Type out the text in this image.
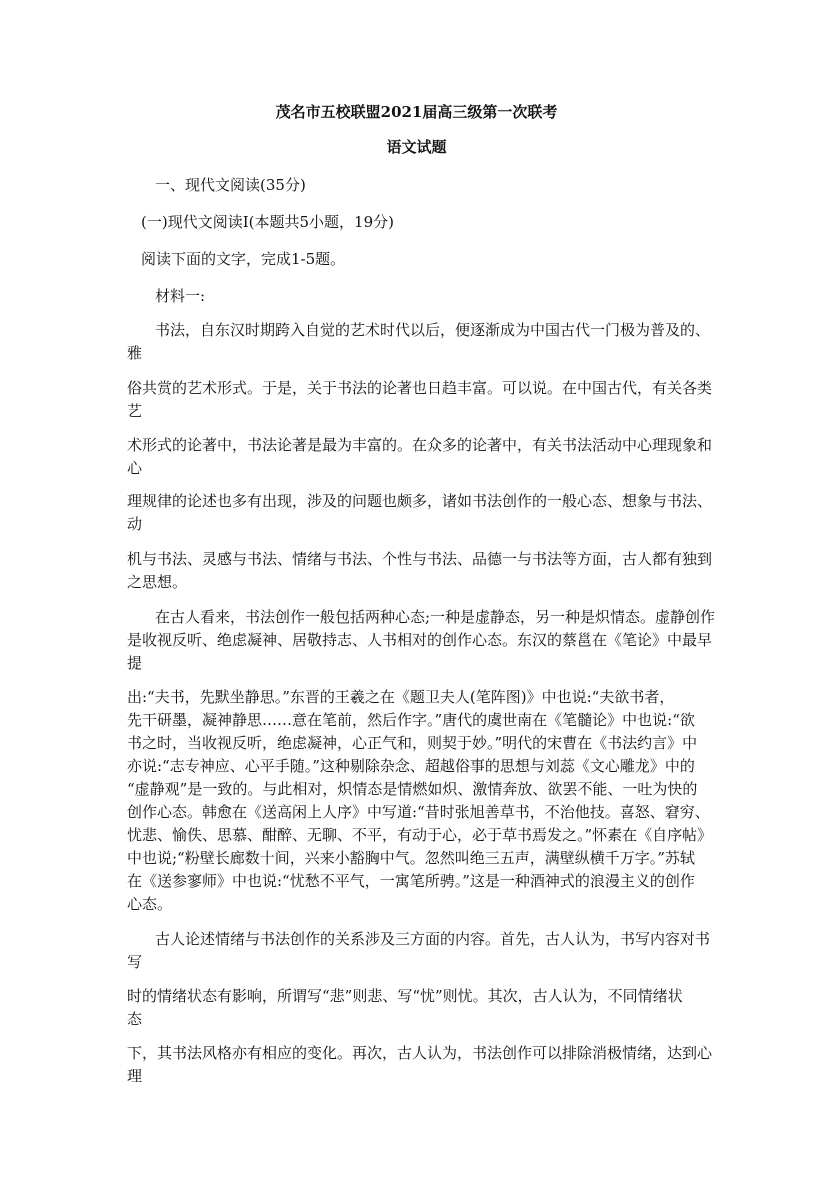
茂名市五校联盟2021届高三级第一次联考
语文试题
一、现代文阅读(35分)
(一)现代文阅读Ⅰ(本题共5小题，19分)
阅读下面的文字，完成1-5题。
材料一:
书法，自东汉时期跨入自觉的艺术时代以后，便逐渐成为中国古代一门极为普及的、
雅
俗共赏的艺术形式。于是，关于书法的论著也日趋丰富。可以说。在中国古代，有关各类
艺
术形式的论著中，书法论著是最为丰富的。在众多的论著中，有关书法活动中心理现象和
心
理规律的论述也多有出现，涉及的问题也颇多，诸如书法创作的一般心态、想象与书法、
动
机与书法、灵感与书法、情绪与书法、个性与书法、品德一与书法等方面，古人都有独到
之思想。
在古人看来，书法创作一般包括两种心态;一种是虚静态，另一种是炽情态。虚静创作
是收视反听、绝虑凝神、居敬持志、人书相对的创作心态。东汉的蔡邕在《笔论》中最早
提
出:“夫书，先默坐静思。”东晋的王羲之在《题卫夫人(笔阵图)》中也说:“夫欲书者，
先干研墨，凝神静思……意在笔前，然后作字。”唐代的虞世南在《笔髓论》中也说:“欲
书之时，当收视反听，绝虑凝神，心正气和，则契于妙。”明代的宋曹在《书法约言》中
亦说:“志专神应、心平手随。”这种剔除杂念、超越俗事的思想与刘蕊《文心雕龙》中的
“虚静观”是一致的。与此相对，炽情态是情燃如炽、激情奔放、欲罢不能、一吐为快的
创作心态。韩愈在《送高闲上人序》中写道:“昔时张旭善草书，不治他技。喜怒、窘穷、
忧悲、愉佚、思慕、酣醉、无聊、不平，有动于心，必于草书焉发之。”怀素在《自序帖》
中也说;“粉壁长廊数十间，兴来小豁胸中气。忽然叫绝三五声，满壁纵横千万字。”苏轼
在《送参寥师》中也说:“忧愁不平气，一寓笔所骋。”这是一种酒神式的浪漫主义的创作
心态。
古人论述情绪与书法创作的关系涉及三方面的内容。首先，古人认为，书写内容对书
写
时的情绪状态有影响，所谓写“悲”则悲、写“忧”则忧。其次，古人认为，不同情绪状
态
下，其书法风格亦有相应的变化。再次，古人认为，书法创作可以排除消极情绪，达到心
理
